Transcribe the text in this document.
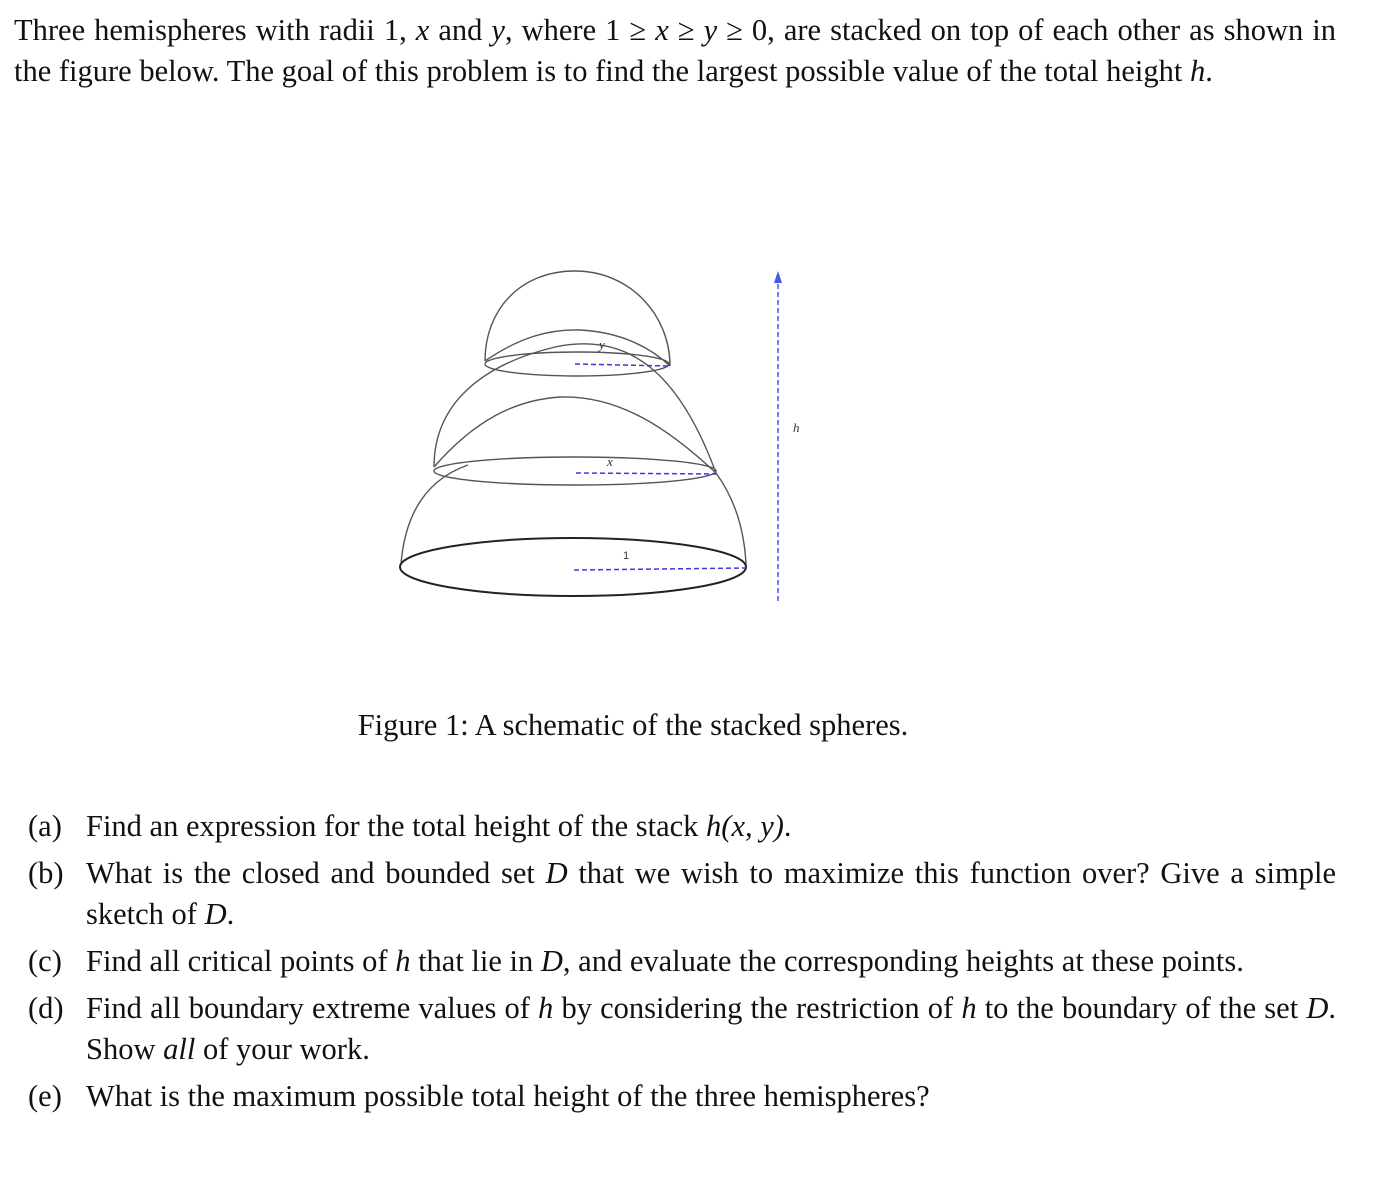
Three hemispheres with radii 1, x and y, where 1 ≥ x ≥ y ≥ 0, are stacked on top of each other as shown in the figure below. The goal of this problem is to find the largest possible value of the total height h.

1
x
y
h

Figure 1: A schematic of the stacked spheres.

(a) Find an expression for the total height of the stack h(x, y).
(b) What is the closed and bounded set D that we wish to maximize this function over? Give a simple sketch of D.
(c) Find all critical points of h that lie in D, and evaluate the corresponding heights at these points.
(d) Find all boundary extreme values of h by considering the restriction of h to the boundary of the set D. Show all of your work.
(e) What is the maximum possible total height of the three hemispheres?
